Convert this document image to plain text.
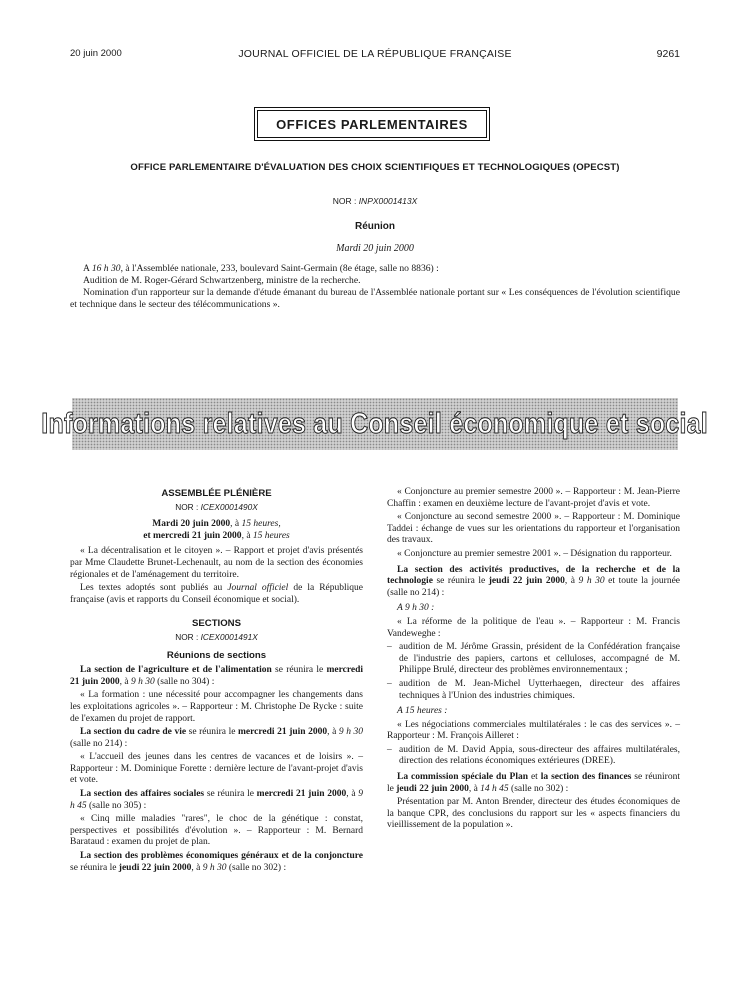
20 juin 2000	JOURNAL OFFICIEL DE LA RÉPUBLIQUE FRANÇAISE	9261
OFFICES PARLEMENTAIRES
OFFICE PARLEMENTAIRE D'ÉVALUATION DES CHOIX SCIENTIFIQUES ET TECHNOLOGIQUES (OPECST)
NOR : INPX0001413X
Réunion
Mardi 20 juin 2000

A 16 h 30, à l'Assemblée nationale, 233, boulevard Saint-Germain (8e étage, salle no 8836) :

Audition de M. Roger-Gérard Schwartzenberg, ministre de la recherche.

Nomination d'un rapporteur sur la demande d'étude émanant du bureau de l'Assemblée nationale portant sur « Les conséquences de l'évolution scientifique et technique dans le secteur des télécommunications ».

Informations relatives au Conseil économique et social

ASSEMBLÉE PLÉNIÈRE

NOR : ICEX0001490X

Mardi 20 juin 2000, à 15 heures,

et mercredi 21 juin 2000, à 15 heures

« La décentralisation et le citoyen ». – Rapport et projet d'avis présentés par Mme Claudette Brunet-Lechenault, au nom de la section des économies régionales et de l'aménagement du territoire.

Les textes adoptés sont publiés au Journal officiel de la République française (avis et rapports du Conseil économique et social).

SECTIONS

NOR : ICEX0001491X

Réunions de sections

La section de l'agriculture et de l'alimentation se réunira le mercredi 21 juin 2000, à 9 h 30 (salle no 304) :

« La formation : une nécessité pour accompagner les changements dans les exploitations agricoles ». – Rapporteur : M. Christophe De Rycke : suite de l'examen du projet de rapport.

La section du cadre de vie se réunira le mercredi 21 juin 2000, à 9 h 30 (salle no 214) :

« L'accueil des jeunes dans les centres de vacances et de loisirs ». – Rapporteur : M. Dominique Forette : dernière lecture de l'avant-projet d'avis et vote.

La section des affaires sociales se réunira le mercredi 21 juin 2000, à 9 h 45 (salle no 305) :

« Cinq mille maladies "rares", le choc de la génétique : constat, perspectives et possibilités d'évolution ». – Rapporteur : M. Bernard Barataud : examen du projet de plan.

La section des problèmes économiques généraux et de la conjoncture se réunira le jeudi 22 juin 2000, à 9 h 30 (salle no 302) :

« Conjoncture au premier semestre 2000 ». – Rapporteur : M. Jean-Pierre Chaffin : examen en deuxième lecture de l'avant-projet d'avis et vote.

« Conjoncture au second semestre 2000 ». – Rapporteur : M. Dominique Taddei : échange de vues sur les orientations du rapporteur et l'organisation des travaux.

« Conjoncture au premier semestre 2001 ». – Désignation du rapporteur.

La section des activités productives, de la recherche et de la technologie se réunira le jeudi 22 juin 2000, à 9 h 30 et toute la journée (salle no 214) :

A 9 h 30 :

« La réforme de la politique de l'eau ». – Rapporteur : M. Francis Vandeweghe :

– audition de M. Jérôme Grassin, président de la Confédération française de l'industrie des papiers, cartons et celluloses, accompagné de M. Philippe Brulé, directeur des problèmes environnementaux ;
– audition de M. Jean-Michel Uytterhaegen, directeur des affaires techniques à l'Union des industries chimiques.

A 15 heures :

« Les négociations commerciales multilatérales : le cas des services ». – Rapporteur : M. François Ailleret :

– audition de M. David Appia, sous-directeur des affaires multilatérales, direction des relations économiques extérieures (DREE).

La commission spéciale du Plan et la section des finances se réuniront le jeudi 22 juin 2000, à 14 h 45 (salle no 302) :

Présentation par M. Anton Brender, directeur des études économiques de la banque CPR, des conclusions du rapport sur les « aspects financiers du vieillissement de la population ».
